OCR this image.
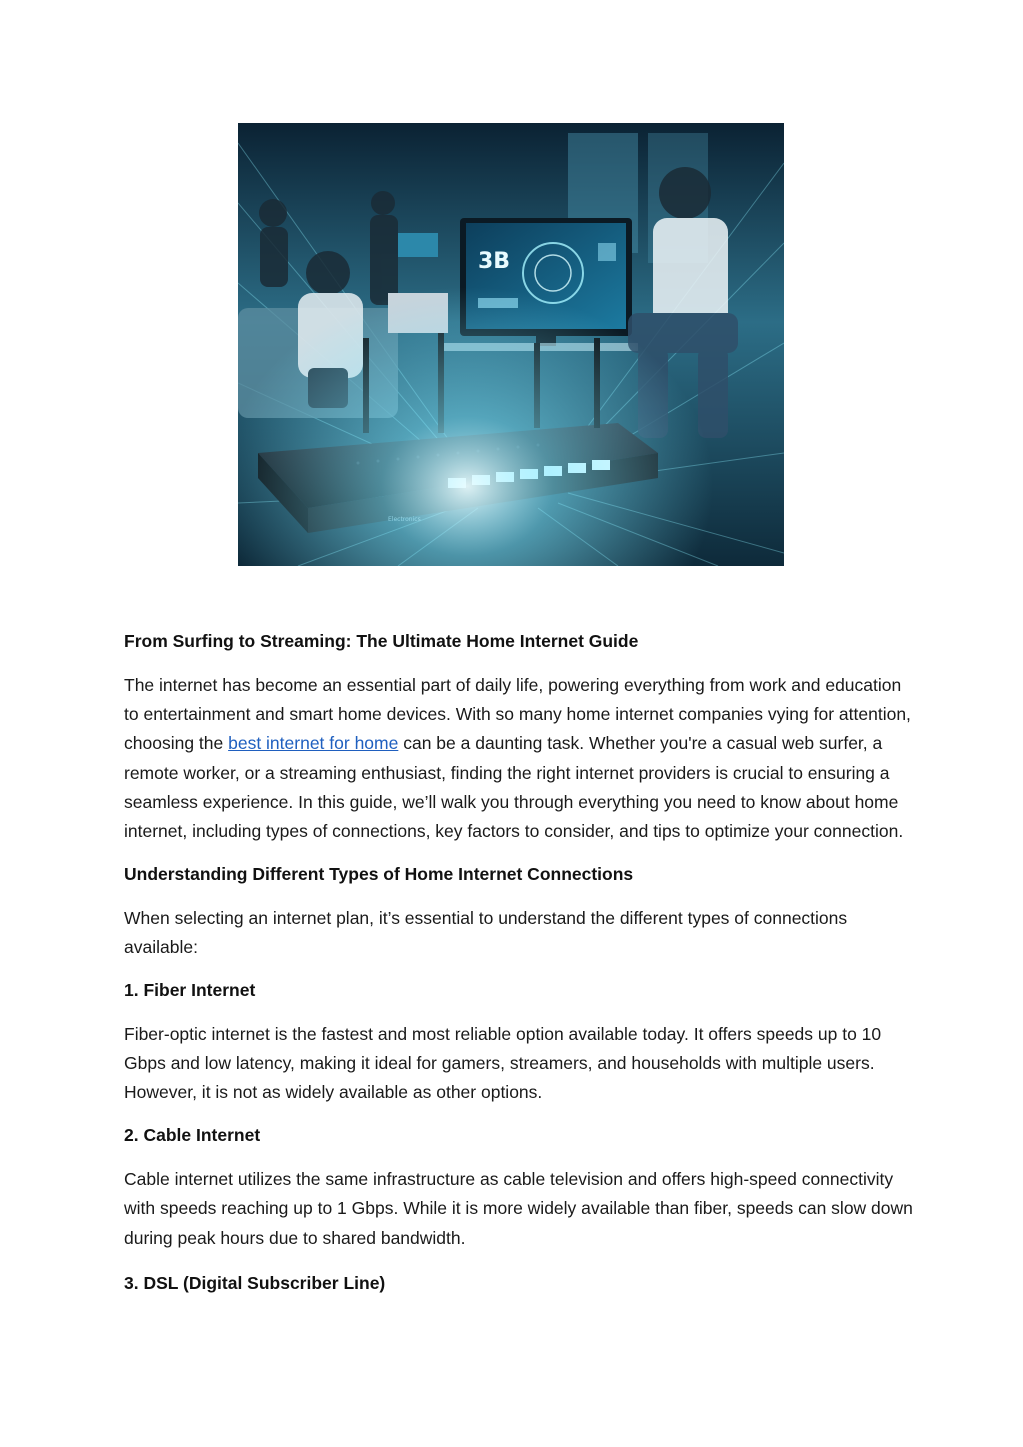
From Surfing to Streaming: The Ultimate Home Internet Guide

The internet has become an essential part of daily life, powering everything from work and education to entertainment and smart home devices. With so many home internet companies vying for attention, choosing the best internet for home can be a daunting task. Whether you're a casual web surfer, a remote worker, or a streaming enthusiast, finding the right internet providers is crucial to ensuring a seamless experience. In this guide, we’ll walk you through everything you need to know about home internet, including types of connections, key factors to consider, and tips to optimize your connection.

Understanding Different Types of Home Internet Connections

When selecting an internet plan, it’s essential to understand the different types of connections available:

1. Fiber Internet

Fiber-optic internet is the fastest and most reliable option available today. It offers speeds up to 10 Gbps and low latency, making it ideal for gamers, streamers, and households with multiple users. However, it is not as widely available as other options.

2. Cable Internet

Cable internet utilizes the same infrastructure as cable television and offers high-speed connectivity with speeds reaching up to 1 Gbps. While it is more widely available than fiber, speeds can slow down during peak hours due to shared bandwidth.

3. DSL (Digital Subscriber Line)
